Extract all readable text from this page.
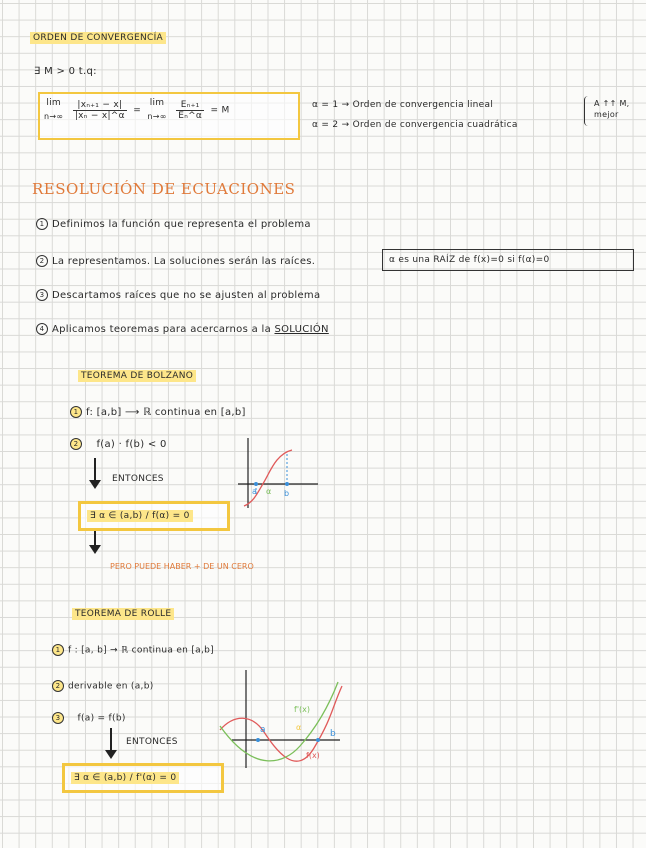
ORDEN DE CONVERGENCÍA
∃ M > 0 t.q:
lim
n→∞
$\frac{\text{|xₙ₊₁ − x|}}{\text{|xₙ − x|\textasciicircum{}α}} = \lim$
n→∞
$\frac{\text{Eₙ₊₁}}{\text{Eₙ\textasciicircum{}α}} = M$
α = 1 → Orden de convergencia lineal
α = 2 → Orden de convergencia cuadrática
A ↑↑ M, mejor
RESOLUCIÓN DE ECUACIONES
1 Definimos la función que representa el problema
2 La representamos. La soluciones serán las raíces.	α es una RAÍZ de f(x)=0 si f(α)=0
3 Descartamos raíces que no se ajusten al problema
4 Aplicamos teoremas para acercarnos a la SOLUCIÓN
TEOREMA DE BOLZANO
1 f: [a,b] ⟶ ℝ continua en [a,b]
2 f(a) · f(b) < 0
ENTONCES
∃ α ∈ (a,b) / f(α) = 0
PERO PUEDE HABER + DE UN CERO
a α b
TEOREMA DE ROLLE
1 f : [a, b] → ℝ continua en [a,b]
2 derivable en (a,b)
3 f(a) = f(b)
ENTONCES
∃ α ∈ (a,b) / f'(α) = 0
a	b
f'(x)
α
f(x)
